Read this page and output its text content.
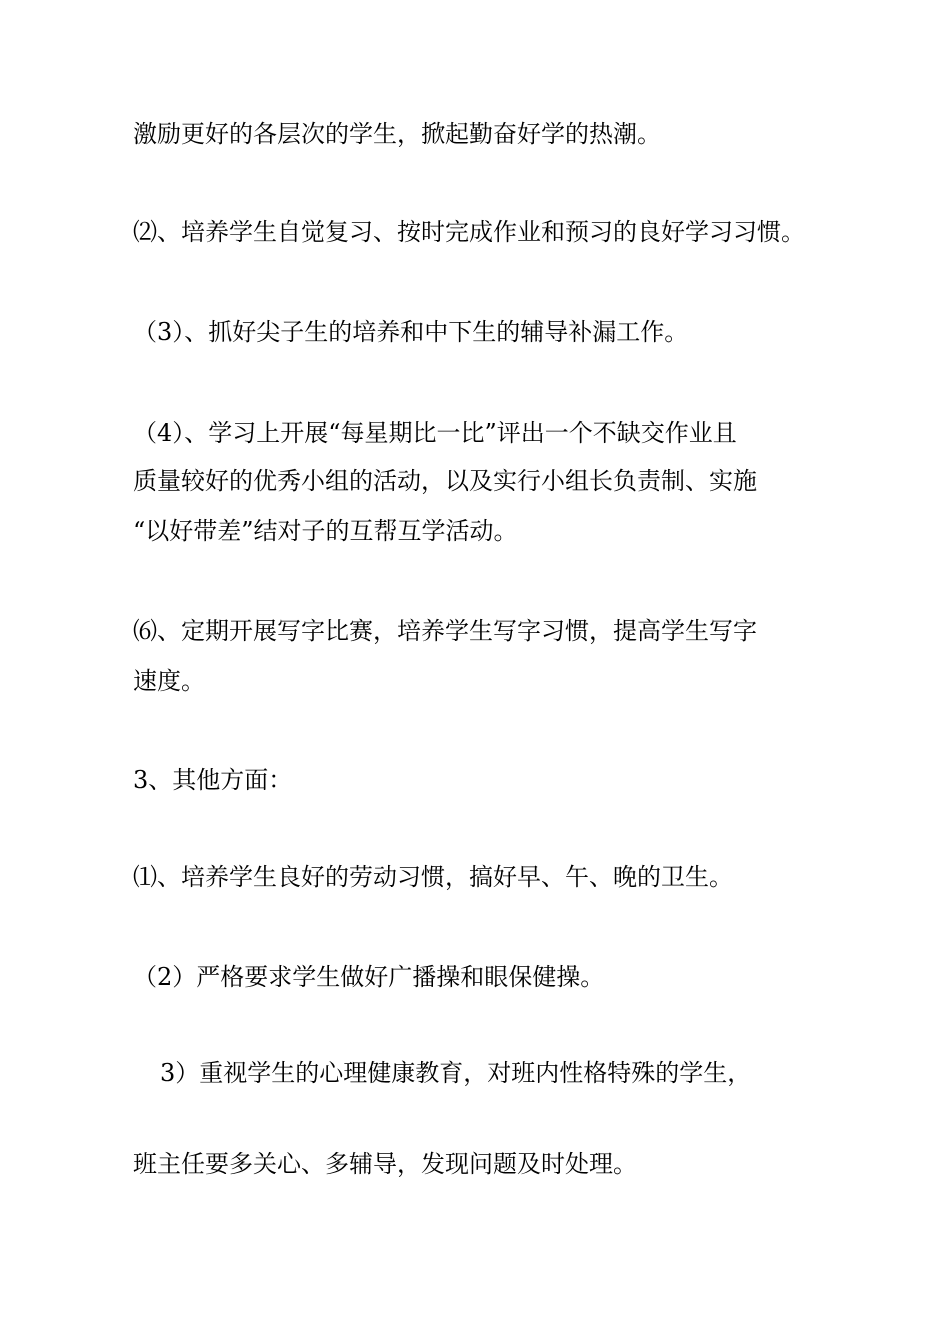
激励更好的各层次的学生，掀起勤奋好学的热潮。

⑵、培养学生自觉复习、按时完成作业和预习的良好学习习惯。

（3）、抓好尖子生的培养和中下生的辅导补漏工作。

（4）、学习上开展“每星期比一比”评出一个不缺交作业且

质量较好的优秀小组的活动，以及实行小组长负责制、实施

“以好带差”结对子的互帮互学活动。

⑹、定期开展写字比赛，培养学生写字习惯，提高学生写字

速度。

3、其他方面：

⑴、培养学生良好的劳动习惯，搞好早、午、晚的卫生。

（2）严格要求学生做好广播操和眼保健操。

3）重视学生的心理健康教育，对班内性格特殊的学生，

班主任要多关心、多辅导，发现问题及时处理。
